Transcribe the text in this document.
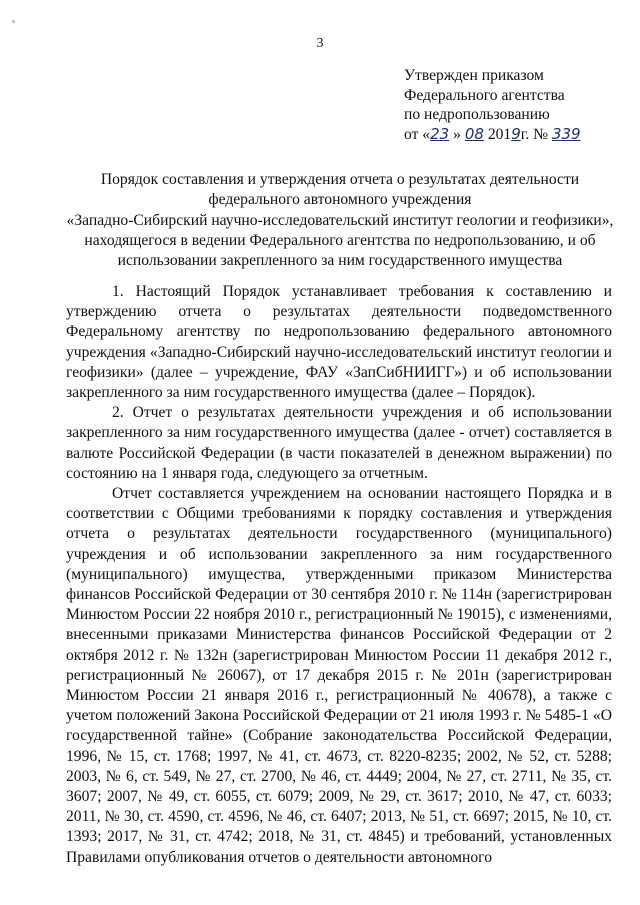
3
Утвержден приказом
Федерального агентства
по недропользованию
от «23 » 08 2019г. № 339
Порядок составления и утверждения отчета о результатах деятельности
федерального автономного учреждения
«Западно-Сибирский научно-исследовательский институт геологии и геофизики»,
находящегося в ведении Федерального агентства по недропользованию, и об
использовании закрепленного за ним государственного имущества

1. Настоящий Порядок устанавливает требования к составлению и утверждению отчета о результатах деятельности подведомственного Федеральному агентству по недропользованию федерального автономного учреждения «Западно-Сибирский научно-исследовательский институт геологии и геофизики» (далее – учреждение, ФАУ «ЗапСибНИИГГ») и об использовании закрепленного за ним государственного имущества (далее – Порядок).

2. Отчет о результатах деятельности учреждения и об использовании закрепленного за ним государственного имущества (далее - отчет) составляется в валюте Российской Федерации (в части показателей в денежном выражении) по состоянию на 1 января года, следующего за отчетным.

Отчет составляется учреждением на основании настоящего Порядка и в соответствии с Общими требованиями к порядку составления и утверждения отчета о результатах деятельности государственного (муниципального) учреждения и об использовании закрепленного за ним государственного (муниципального) имущества, утвержденными приказом Министерства финансов Российской Федерации от 30 сентября 2010 г. № 114н (зарегистрирован Минюстом России 22 ноября 2010 г., регистрационный № 19015), с изменениями, внесенными приказами Министерства финансов Российской Федерации от 2 октября 2012 г. № 132н (зарегистрирован Минюстом России 11 декабря 2012 г., регистрационный № 26067), от 17 декабря 2015 г. № 201н (зарегистрирован Минюстом России 21 января 2016 г., регистрационный № 40678), а также с учетом положений Закона Российской Федерации от 21 июля 1993 г. № 5485-1 «О государственной тайне» (Собрание законодательства Российской Федерации, 1996, № 15, ст. 1768; 1997, № 41, ст. 4673, ст. 8220-8235; 2002, № 52, ст. 5288; 2003, № 6, ст. 549, № 27, ст. 2700, № 46, ст. 4449; 2004, № 27, ст. 2711, № 35, ст. 3607; 2007, № 49, ст. 6055, ст. 6079; 2009, № 29, ст. 3617; 2010, № 47, ст. 6033; 2011, № 30, ст. 4590, ст. 4596, № 46, ст. 6407; 2013, № 51, ст. 6697; 2015, № 10, ст. 1393; 2017, № 31, ст. 4742; 2018, № 31, ст. 4845) и требований, установленных Правилами опубликования отчетов о деятельности автономного
